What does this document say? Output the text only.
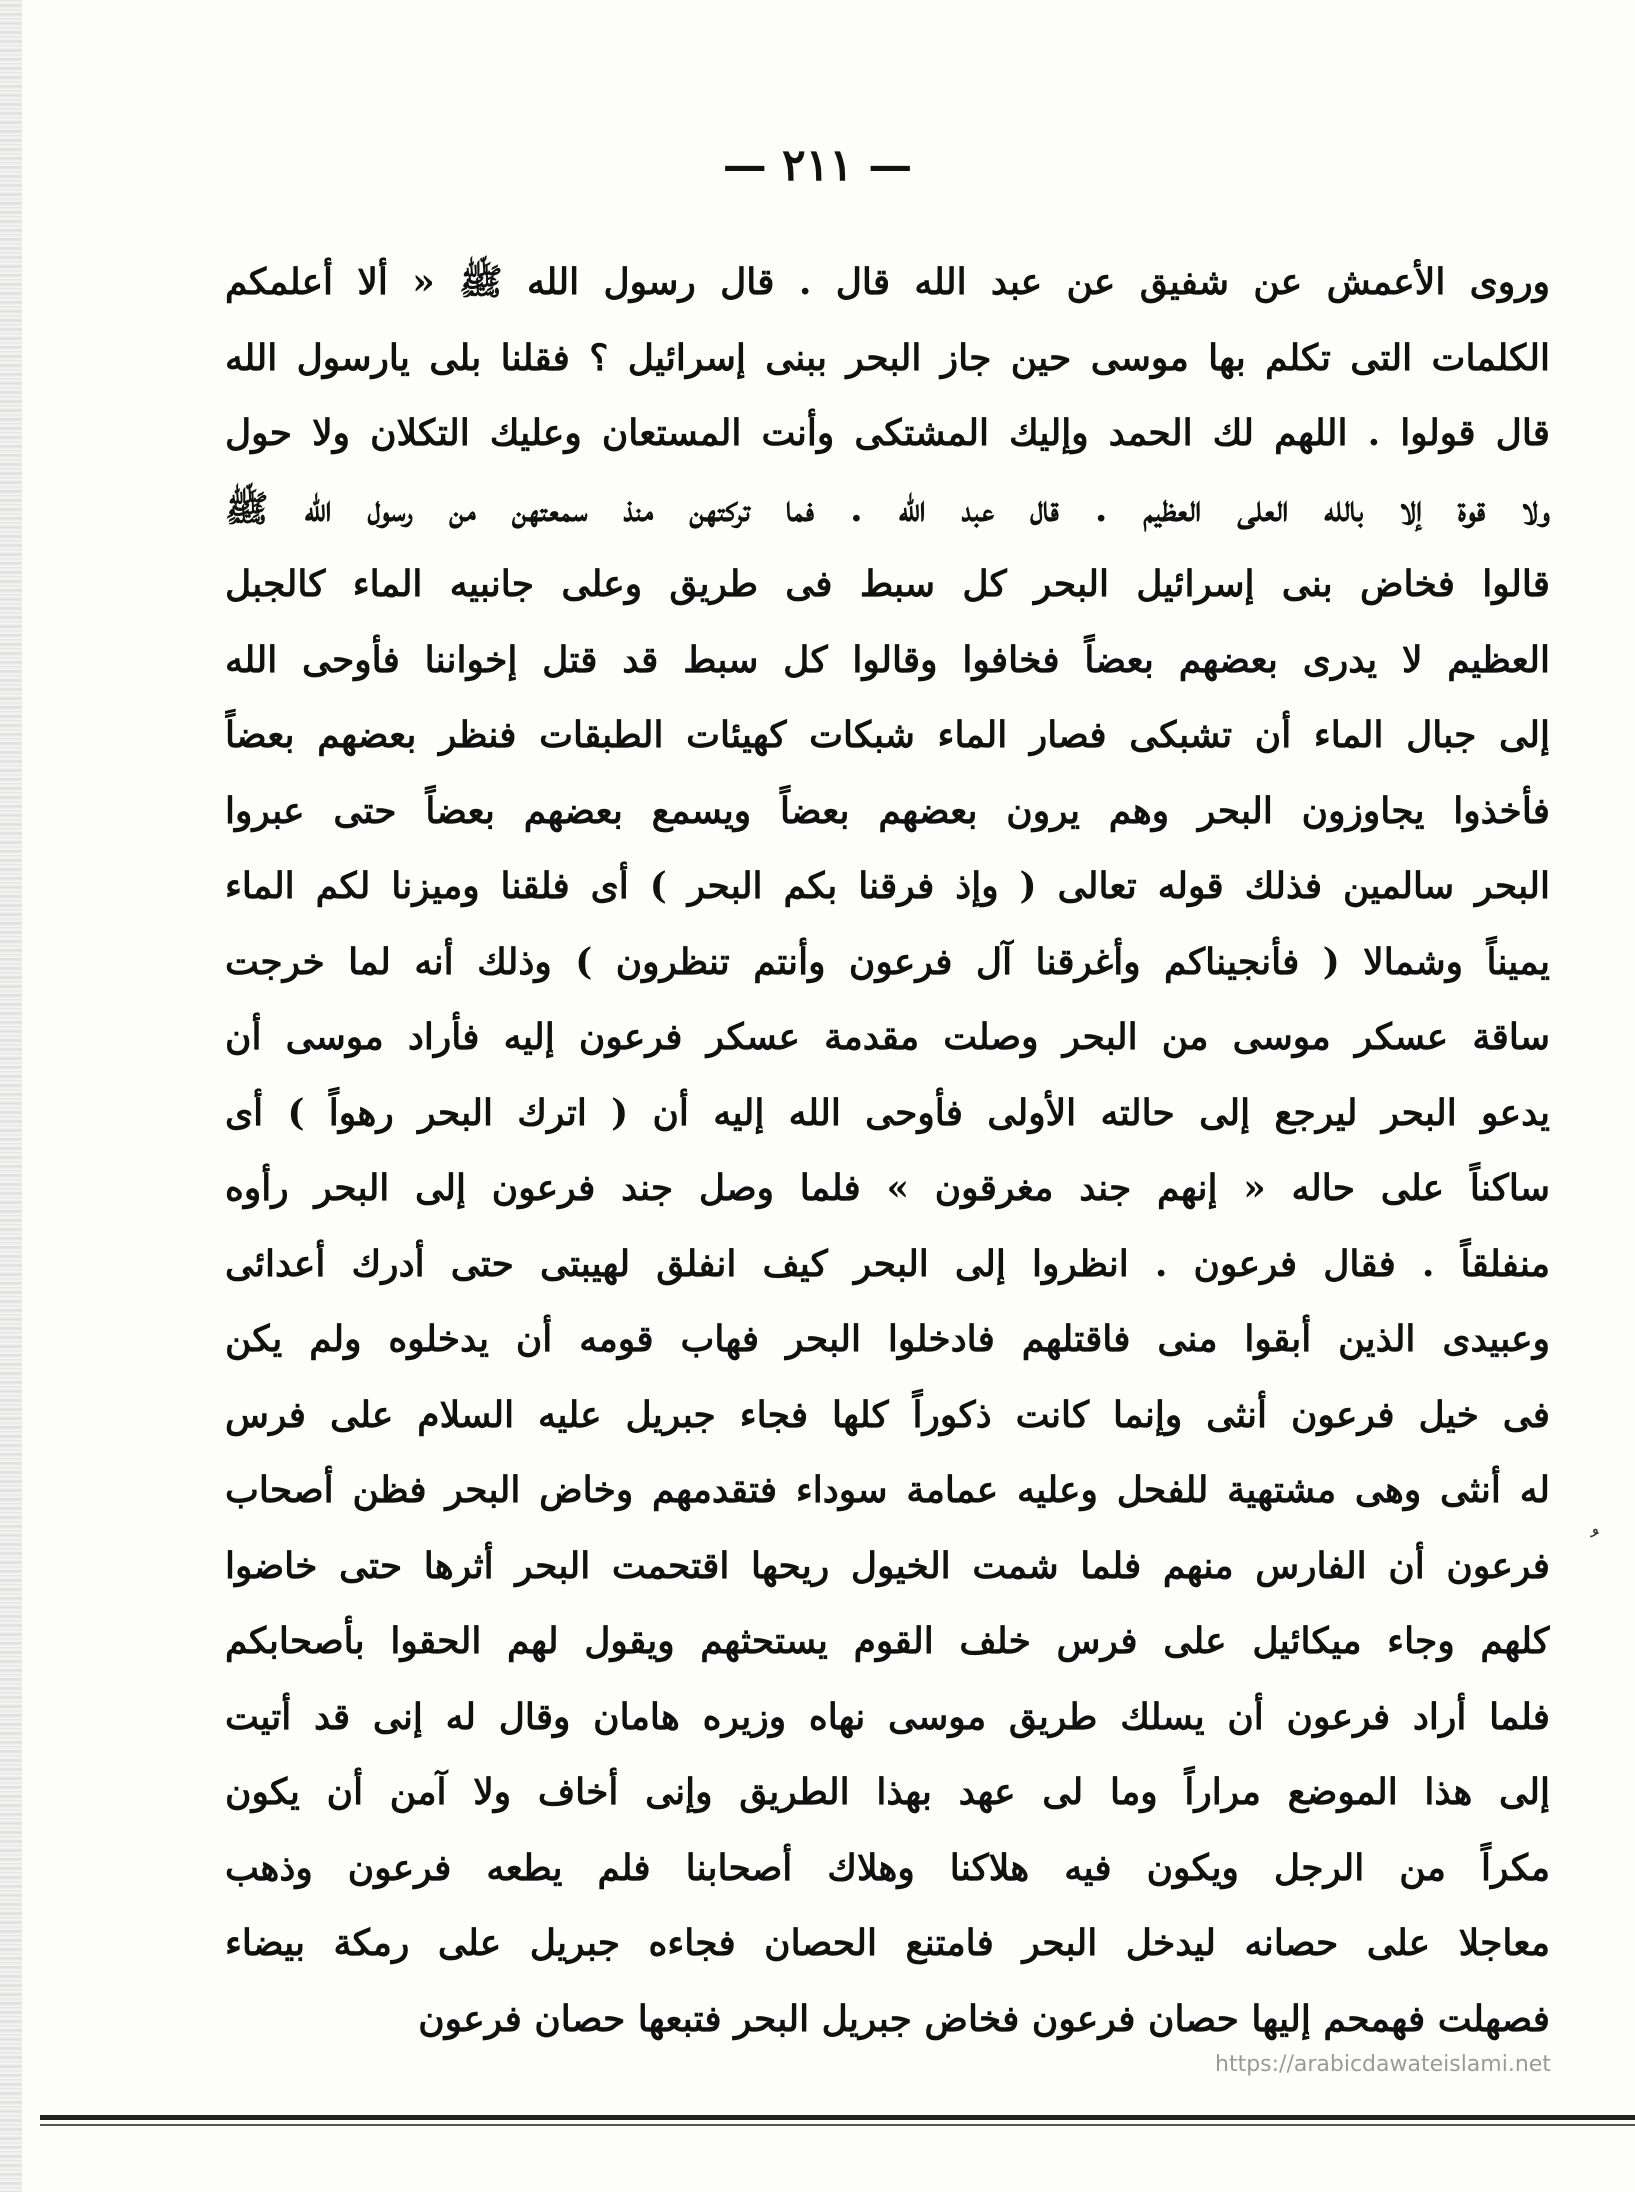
— ٢١١ —
وروى الأعمش عن شفيق عن عبد الله قال . قال رسول الله ﷺ « ألا أعلمكم
الكلمات التى تكلم بها موسى حين جاز البحر ببنى إسرائيل ؟ فقلنا بلى يارسول الله
قال قولوا . اللهم لك الحمد وإليك المشتكى وأنت المستعان وعليك التكلان ولا حول
ولا قوة إلا بالله العلى العظيم . قال عبد الله . فما تركتهن منذ سمعتهن من رسول الله ﷺ
قالوا فخاض بنى إسرائيل البحر كل سبط فى طريق وعلى جانبيه الماء كالجبل
العظيم لا يدرى بعضهم بعضاً فخافوا وقالوا كل سبط قد قتل إخواننا فأوحى الله
إلى جبال الماء أن تشبكى فصار الماء شبكات كهيئات الطبقات فنظر بعضهم بعضاً
فأخذوا يجاوزون البحر وهم يرون بعضهم بعضاً ويسمع بعضهم بعضاً حتى عبروا
البحر سالمين فذلك قوله تعالى ( وإذ فرقنا بكم البحر ) أى فلقنا وميزنا لكم الماء
يميناً وشمالا ( فأنجيناكم وأغرقنا آل فرعون وأنتم تنظرون ) وذلك أنه لما خرجت
ساقة عسكر موسى من البحر وصلت مقدمة عسكر فرعون إليه فأراد موسى أن
يدعو البحر ليرجع إلى حالته الأولى فأوحى الله إليه أن ( اترك البحر رهواً ) أى
ساكناً على حاله « إنهم جند مغرقون » فلما وصل جند فرعون إلى البحر رأوه
منفلقاً . فقال فرعون . انظروا إلى البحر كيف انفلق لهيبتى حتى أدرك أعدائى
وعبيدى الذين أبقوا منى فاقتلهم فادخلوا البحر فهاب قومه أن يدخلوه ولم يكن
فى خيل فرعون أنثى وإنما كانت ذكوراً كلها فجاء جبريل عليه السلام على فرس
له أنثى وهى مشتهية للفحل وعليه عمامة سوداء فتقدمهم وخاض البحر فظن أصحاب
فرعون أن الفارس منهم فلما شمت الخيول ريحها اقتحمت البحر أثرها حتى خاضوا
كلهم وجاء ميكائيل على فرس خلف القوم يستحثهم ويقول لهم الحقوا بأصحابكم
فلما أراد فرعون أن يسلك طريق موسى نهاه وزيره هامان وقال له إنى قد أتيت
إلى هذا الموضع مراراً وما لى عهد بهذا الطريق وإنى أخاف ولا آمن أن يكون
مكراً من الرجل ويكون فيه هلاكنا وهلاك أصحابنا فلم يطعه فرعون وذهب
معاجلا على حصانه ليدخل البحر فامتنع الحصان فجاءه جبريل على رمكة بيضاء
فصهلت فهمحم إليها حصان فرعون فخاض جبريل البحر فتبعها حصان فرعون
ﹸ
https://arabicdawateislami.net
